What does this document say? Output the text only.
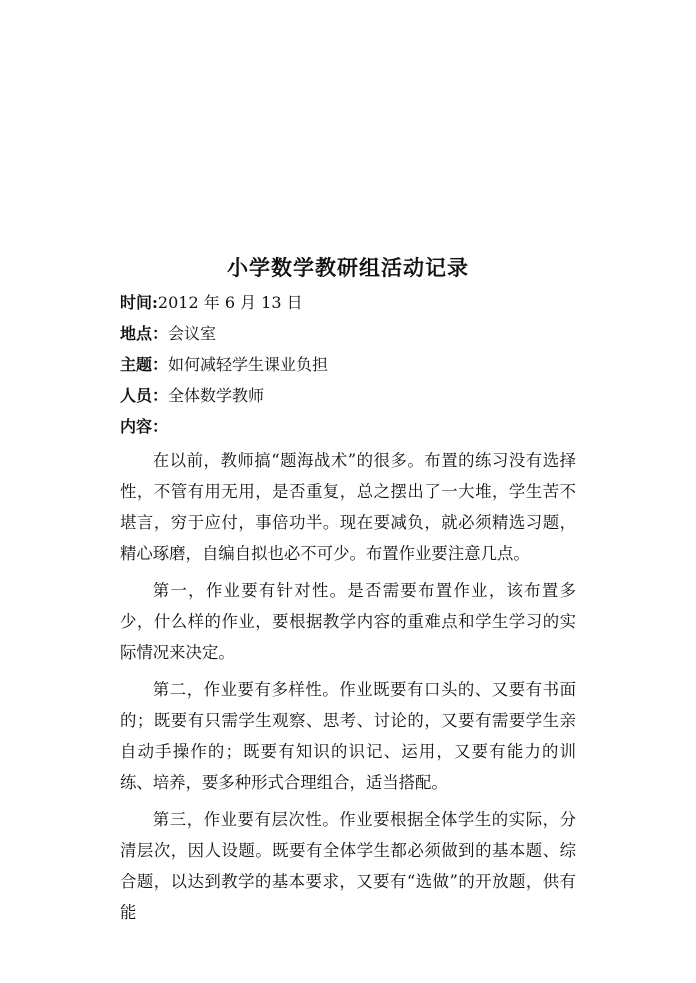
小学数学教研组活动记录
时间:2012 年 6 月 13 日
地点：会议室
主题：如何减轻学生课业负担
人员：全体数学教师
内容：

在以前，教师搞“题海战术”的很多。布置的练习没有选择性，不管有用无用，是否重复，总之摆出了一大堆，学生苦不堪言，穷于应付，事倍功半。现在要减负，就必须精选习题，精心琢磨，自编自拟也必不可少。布置作业要注意几点。

第一，作业要有针对性。是否需要布置作业，该布置多少，什么样的作业，要根据教学内容的重难点和学生学习的实际情况来决定。

第二，作业要有多样性。作业既要有口头的、又要有书面的；既要有只需学生观察、思考、讨论的，又要有需要学生亲自动手操作的；既要有知识的识记、运用，又要有能力的训练、培养，要多种形式合理组合，适当搭配。

第三，作业要有层次性。作业要根据全体学生的实际，分清层次，因人设题。既要有全体学生都必须做到的基本题、综合题，以达到教学的基本要求，又要有“选做”的开放题，供有能
